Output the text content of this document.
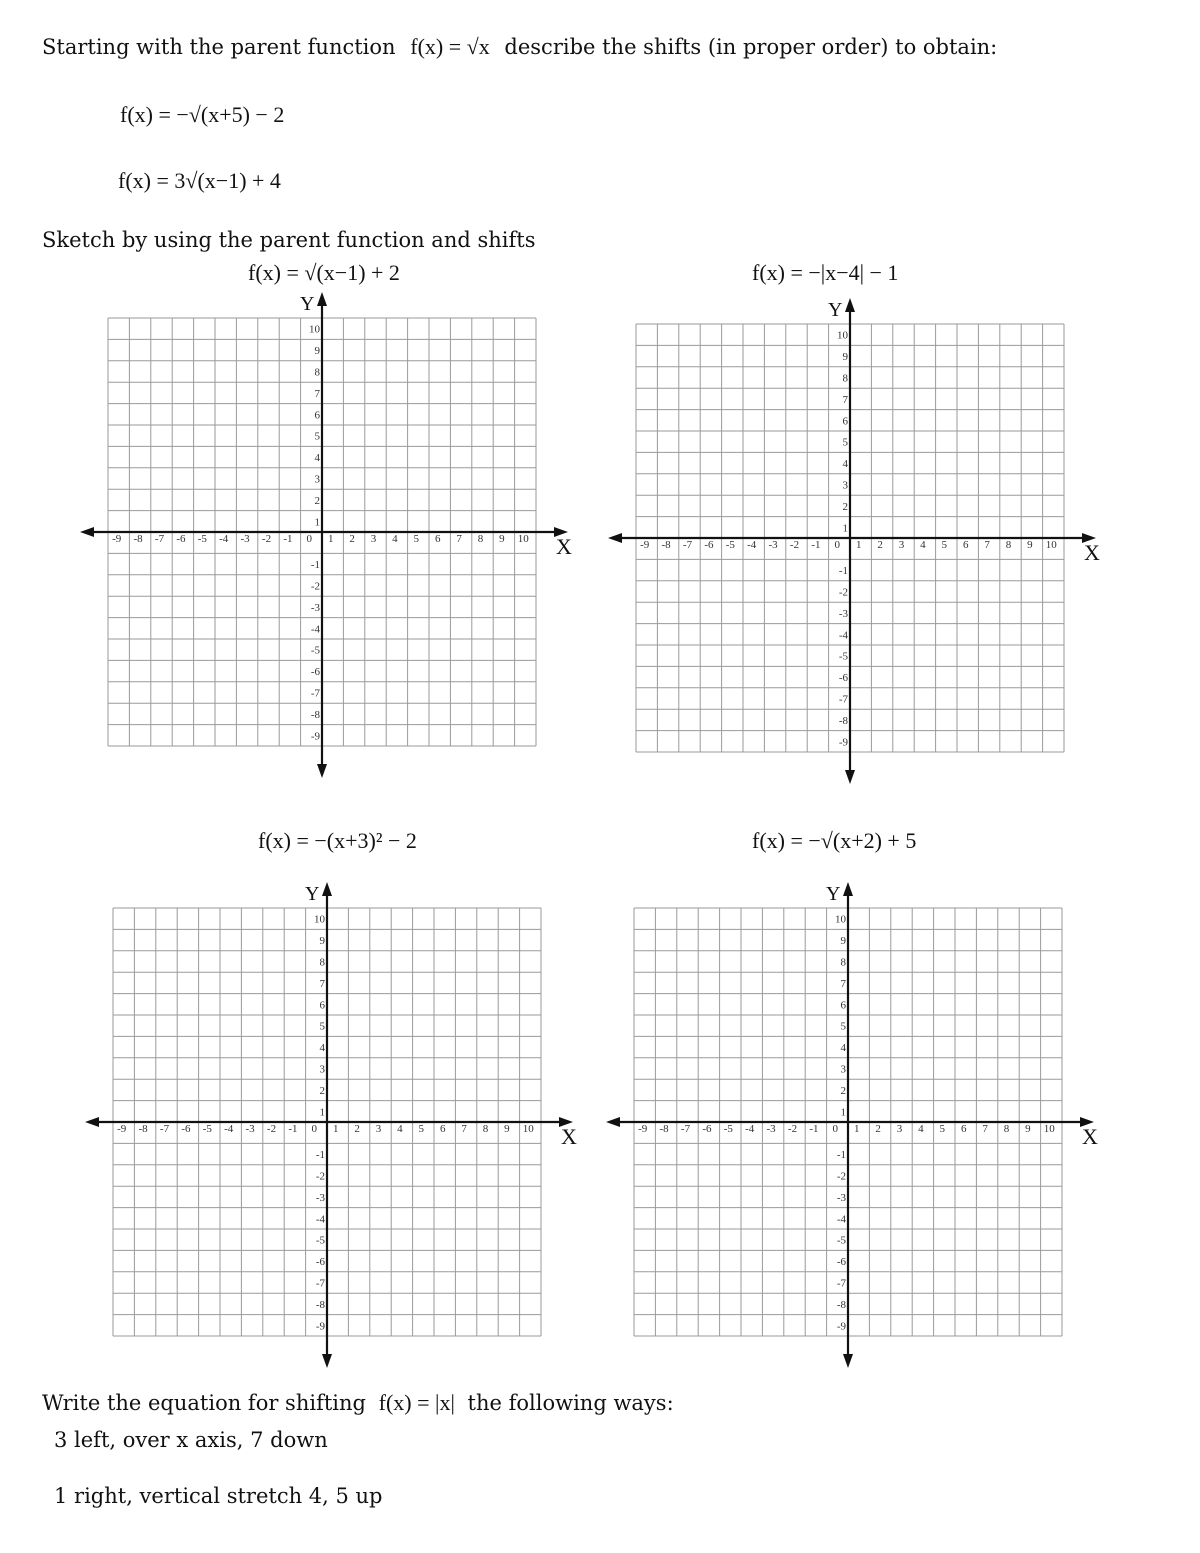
Starting with the parent function f(x) = √x describe the shifts (in proper order) to obtain:
f(x) = −√(x+5) − 2
f(x) = 3√(x−1) + 4
Sketch by using the parent function and shifts
f(x) = √(x−1) + 2	f(x) = −|x−4| − 1
f(x) = −(x+3)² − 2	f(x) = −√(x+2) + 5
X
Y
-9 -8 -7 -6 -5 -4 -3 -2 -1 0 1 2 3 4 5 6 7 8 9 10
10
9
8
7
6
5
4
3
2
1
-1
-2
-3
-4
-5
-6
-7
-8
-9
X
Y
-9 -8 -7 -6 -5 -4 -3 -2 -1 0 1 2 3 4 5 6 7 8 9 10
10
9
8
7
6
5
4
3
2
1
-1
-2
-3
-4
-5
-6
-7
-8
-9
X
Y
-9 -8 -7 -6 -5 -4 -3 -2 -1 0 1 2 3 4 5 6 7 8 9 10
10
9
8
7
6
5
4
3
2
1
-1
-2
-3
-4
-5
-6
-7
-8
-9
X
Y
-9 -8 -7 -6 -5 -4 -3 -2 -1 0 1 2 3 4 5 6 7 8 9 10
10
9
8
7
6
5
4
3
2
1
-1
-2
-3
-4
-5
-6
-7
-8
-9
Write the equation for shifting f(x) = |x| the following ways:
3 left, over x axis, 7 down
1 right, vertical stretch 4, 5 up
